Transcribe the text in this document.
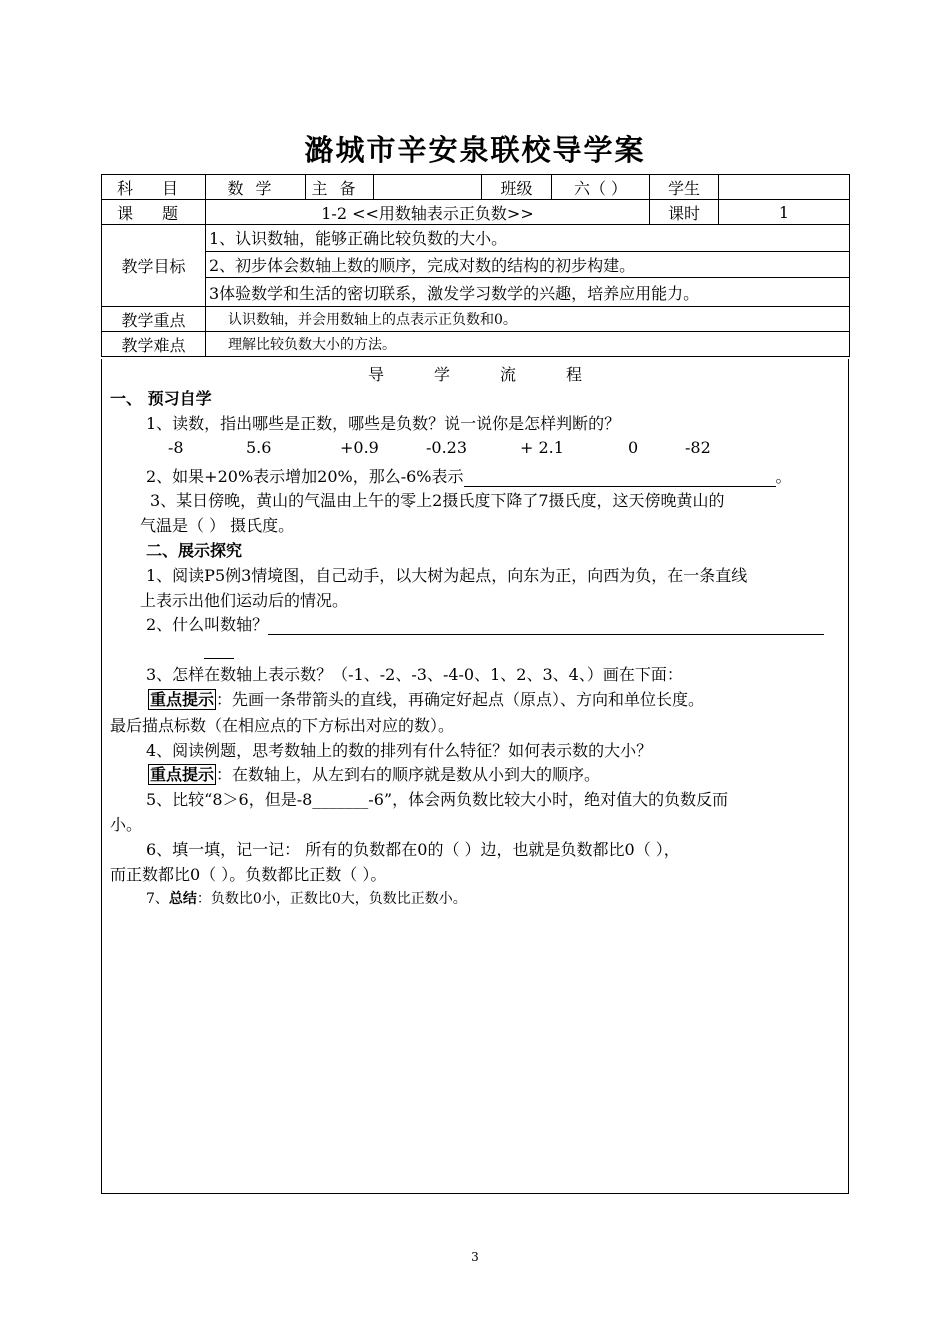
潞城市辛安泉联校导学案
科 目	数学	主备		班级	六（ ）	学生	
课 题	1-2 <<用数轴表示正负数>>					课时	1
教学目标	1、认识数轴，能够正确比较负数的大小。						
	2、初步体会数轴上数的顺序，完成对数的结构的初步构建。						
	3体验数学和生活的密切联系，激发学习数学的兴趣，培养应用能力。						
教学重点	认识数轴，并会用数轴上的点表示正负数和0。						
教学难点	理解比较负数大小的方法。						
导	学	流	程
一、 预习自学
1、读数，指出哪些是正数，哪些是负数？说一说你是怎样判断的？
-8	5.6	+0.9	-0.23	+ 2.1	0	-82
2、如果+20%表示增加20%，那么-6%表示	。
3、某日傍晚，黄山的气温由上午的零上2摄氏度下降了7摄氏度，这天傍晚黄山的
气温是（ ） 摄氏度。
二、展示探究
1、阅读P5例3情境图，自己动手，以大树为起点，向东为正，向西为负，在一条直线
上表示出他们运动后的情况。
2、什么叫数轴？
3、怎样在数轴上表示数？（-1、-2、-3、-4-0、1、2、3、4、）画在下面：
重点提示 ：先画一条带箭头的直线，再确定好起点（原点）、方向和单位长度。
最后描点标数（在相应点的下方标出对应的数）。
4、阅读例题，思考数轴上的数的排列有什么特征？如何表示数的大小？
重点提示 ：在数轴上，从左到右的顺序就是数从小到大的顺序。
5、比较“8＞6，但是-8_______-6”，体会两负数比较大小时，绝对值大的负数反而
小。
6、填一填，记一记： 所有的负数都在0的（ ）边，也就是负数都比0（ ），
而正数都比0（ ）。负数都比正数（ ）。
7、总结：负数比0小，正数比0大，负数比正数小。
3
